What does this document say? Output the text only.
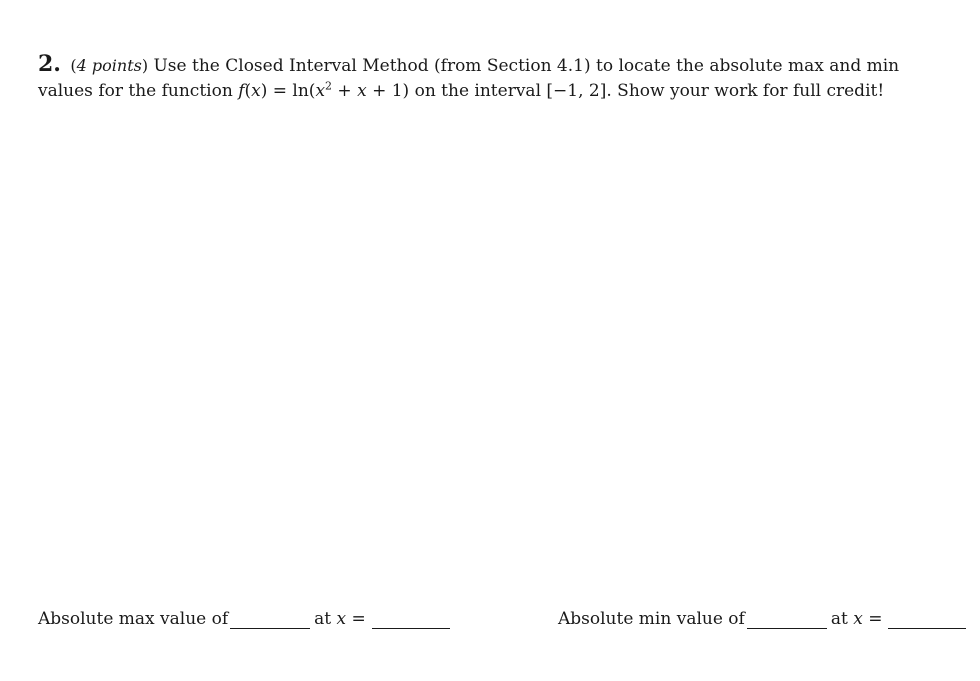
2. (4 points) Use the Closed Interval Method (from Section 4.1) to locate the absolute max and min values for the function $f(x) = \ln(x^2 + x + 1)$ on the interval [−1, 2]. Show your work for full credit!
Absolute max value of	at x =	Absolute min value of	at x =
